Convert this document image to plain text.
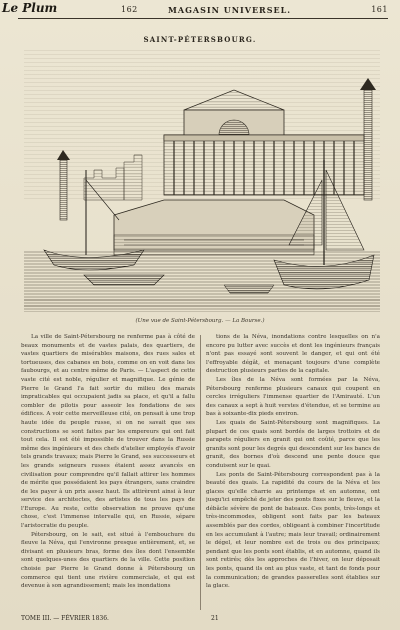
Le Plum	162	MAGASIN UNIVERSEL.	161
SAINT-PÉTERSBOURG.
(Une vue de Saint-Pétersbourg. — La Bourse.)

La ville de Saint-Pétersbourg ne renferme pas à côté de beaux monuments et de vastes palais, des quartiers, de vastes quartiers de misérables maisons, des rues sales et tortueuses, des cabanes en bois, comme on en voit dans les faubourgs, et au centre même de Paris. — L'aspect de cette vaste cité est noble, régulier et magnifique. Le génie de Pierre le Grand l'a fait sortir du milieu des marais impraticables qui occupaient jadis sa place, et qu'il a fallu combler de pilotis pour asseoir les fondations de ses édifices. A voir cette merveilleuse cité, on pensait à une trop haute idée du peuple russe, si on ne savait que ses constructions se sont faites par les empereurs qui ont fait tout cela. Il est été impossible de trouver dans la Russie même des ingénieurs et des chefs d'atelier employés d'avoir tels grands travaux; mais Pierre le Grand, ses successeurs et les grands seigneurs russes étaient assez avancés en civilisation pour comprendre qu'il fallait attirer les hommes de mérite que possédaient les pays étrangers, sans craindre de les payer à un prix assez haut. Ils attirèrent ainsi à leur service des architectes, des artistes de tous les pays de l'Europe. Au reste, cette observation ne prouve qu'une chose, c'est l'immense intervalle qui, en Russie, sépare l'aristocratie du peuple.

Pétersbourg, on le sait, est situé à l'embouchure du fleuve la Néva, qui l'environne presque entièrement, et, se divisant en plusieurs bras, forme des îles dont l'ensemble sont quelques-unes des quartiers de la ville. Cette position choisie par Pierre le Grand donne à Pétersbourg un commerce qui tient une rivière commerciale, et qui est devenue à son agrandissement; mais les inondations

tions de la Néva, inondations contre lesquelles on n'a encore pu lutter avec succès et dont les ingénieurs français n'ont pas essayé sont souvent le danger, et qui ont été l'effroyable dégât, et menaçant toujours d'une complète destruction plusieurs parties de la capitale.

Les îles de la Néva sont formées par la Néva, Pétersbourg renferme plusieurs canaux qui coupent en cercles irréguliers l'immense quartier de l'Amirauté. L'un des canaux a sept à huit verstes d'étendue, et se termine au bas à soixante-dix pieds environ.

Les quais de Saint-Pétersbourg sont magnifiques. La plupart de ces quais sont bordés de larges trottoirs et de parapets réguliers en granit qui ont coûté, parce que les granits sont pour les degrés qui descendent sur les bancs de granit, des bornes d'où descend une pente douce que conduisent sur le quai.

Les ponts de Saint-Pétersbourg correspondent pas à la beauté des quais. La rapidité du cours de la Néva et les glaces qu'elle charrie au printemps et en automne, ont jusqu'ici empêché de jeter des ponts fixes sur le fleuve, et la débâcle sévère de pont de bateaux. Ces ponts, très-longs et très-incommodes, obligent sont faits par les bateaux assemblés par des cordes, obligeant à combiner l'incertitude en les accumulant à l'autre; mais leur travail; ordinairement le dégel, et leur nombre est de trois ou des principaux; pendant que les ponts sont établis, et en automne, quand ils sont retirés; dès les approches de l'hiver, on leur déposait les ponts, quand ils ont au plus vaste, et tant de fonds pour la communication; de grandes passerelles sont établies sur la glace.

TOME III. — FÉVRIER 1836.	21
